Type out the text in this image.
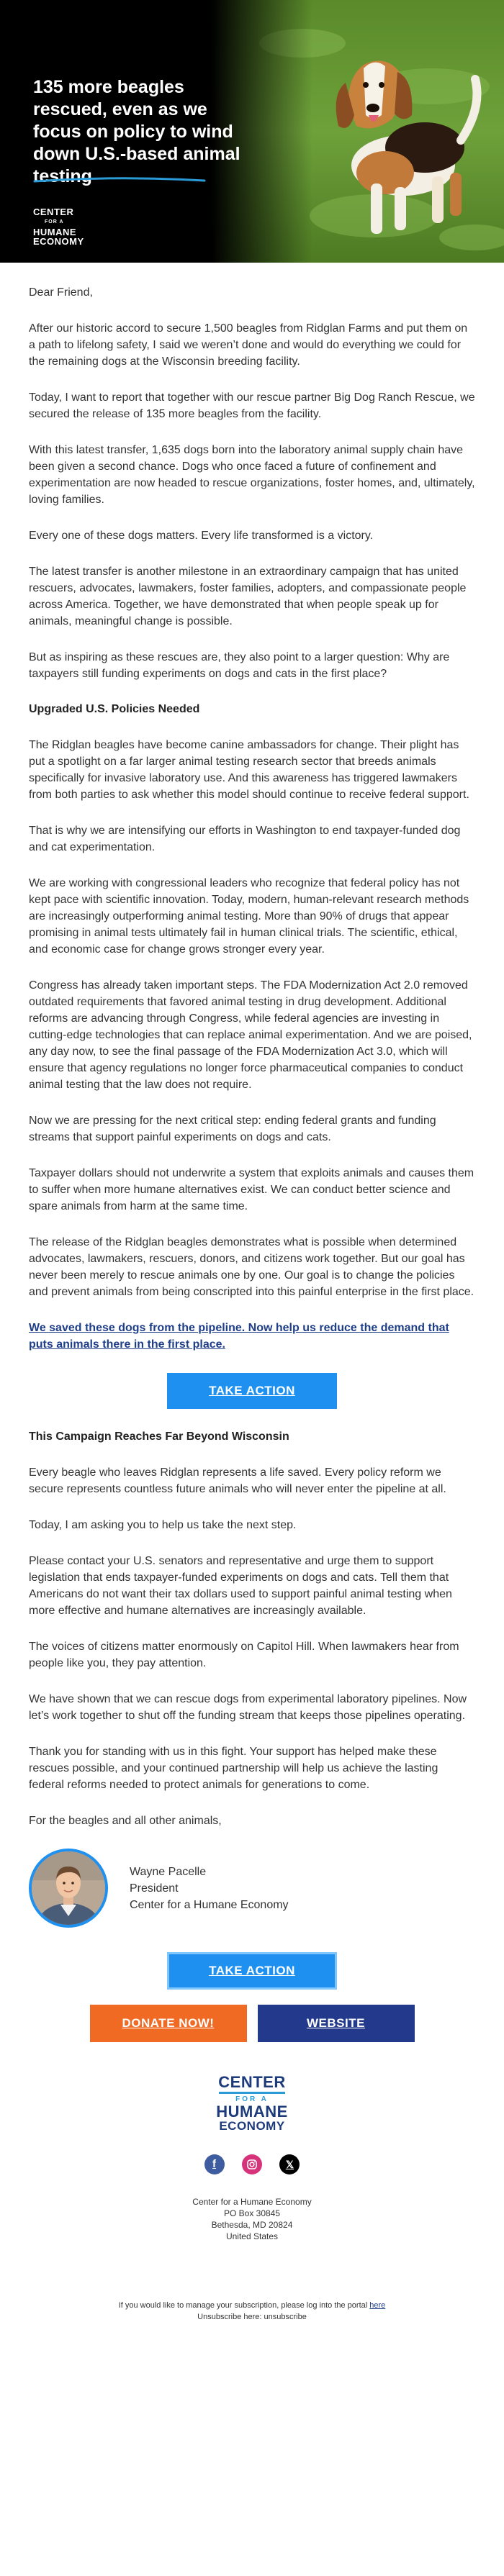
135 more beagles rescued, even as we focus on policy to wind down U.S.-based animal testing
CENTER
FOR A
HUMANE
ECONOMY

Dear Friend,

After our historic accord to secure 1,500 beagles from Ridglan Farms and put them on a path to lifelong safety, I said we weren’t done and would do everything we could for the remaining dogs at the Wisconsin breeding facility.

Today, I want to report that together with our rescue partner Big Dog Ranch Rescue, we secured the release of 135 more beagles from the facility.

With this latest transfer, 1,635 dogs born into the laboratory animal supply chain have been given a second chance. Dogs who once faced a future of confinement and experimentation are now headed to rescue organizations, foster homes, and, ultimately, loving families.

Every one of these dogs matters. Every life transformed is a victory.

The latest transfer is another milestone in an extraordinary campaign that has united rescuers, advocates, lawmakers, foster families, adopters, and compassionate people across America. Together, we have demonstrated that when people speak up for animals, meaningful change is possible.

But as inspiring as these rescues are, they also point to a larger question: Why are taxpayers still funding experiments on dogs and cats in the first place?

Upgraded U.S. Policies Needed

The Ridglan beagles have become canine ambassadors for change. Their plight has put a spotlight on a far larger animal testing research sector that breeds animals specifically for invasive laboratory use. And this awareness has triggered lawmakers from both parties to ask whether this model should continue to receive federal support.

That is why we are intensifying our efforts in Washington to end taxpayer-funded dog and cat experimentation.

We are working with congressional leaders who recognize that federal policy has not kept pace with scientific innovation. Today, modern, human-relevant research methods are increasingly outperforming animal testing. More than 90% of drugs that appear promising in animal tests ultimately fail in human clinical trials. The scientific, ethical, and economic case for change grows stronger every year.

Congress has already taken important steps. The FDA Modernization Act 2.0 removed outdated requirements that favored animal testing in drug development. Additional reforms are advancing through Congress, while federal agencies are investing in cutting-edge technologies that can replace animal experimentation. And we are poised, any day now, to see the final passage of the FDA Modernization Act 3.0, which will ensure that agency regulations no longer force pharmaceutical companies to conduct animal testing that the law does not require.

Now we are pressing for the next critical step: ending federal grants and funding streams that support painful experiments on dogs and cats.

Taxpayer dollars should not underwrite a system that exploits animals and causes them to suffer when more humane alternatives exist. We can conduct better science and spare animals from harm at the same time.

The release of the Ridglan beagles demonstrates what is possible when determined advocates, lawmakers, rescuers, donors, and citizens work together. But our goal has never been merely to rescue animals one by one. Our goal is to change the policies and prevent animals from being conscripted into this painful enterprise in the first place.

We saved these dogs from the pipeline. Now help us reduce the demand that puts animals there in the first place.

TAKE ACTION
This Campaign Reaches Far Beyond Wisconsin

Every beagle who leaves Ridglan represents a life saved. Every policy reform we secure represents countless future animals who will never enter the pipeline at all.

Today, I am asking you to help us take the next step.

Please contact your U.S. senators and representative and urge them to support legislation that ends taxpayer-funded experiments on dogs and cats. Tell them that Americans do not want their tax dollars used to support painful animal testing when more effective and humane alternatives are increasingly available.

The voices of citizens matter enormously on Capitol Hill. When lawmakers hear from people like you, they pay attention.

We have shown that we can rescue dogs from experimental laboratory pipelines. Now let’s work together to shut off the funding stream that keeps those pipelines operating.

Thank you for standing with us in this fight. Your support has helped make these rescues possible, and your continued partnership will help us achieve the lasting federal reforms needed to protect animals for generations to come.

For the beagles and all other animals,

Wayne Pacelle
President
Center for a Humane Economy
TAKE ACTION
DONATE NOW!	WEBSITE
CENTER
FOR A
HUMANE
ECONOMY
f	𝕏
Center for a Humane Economy
PO Box 30845
Bethesda, MD 20824
United States
If you would like to manage your subscription, please log into the portal here
Unsubscribe here: unsubscribe
